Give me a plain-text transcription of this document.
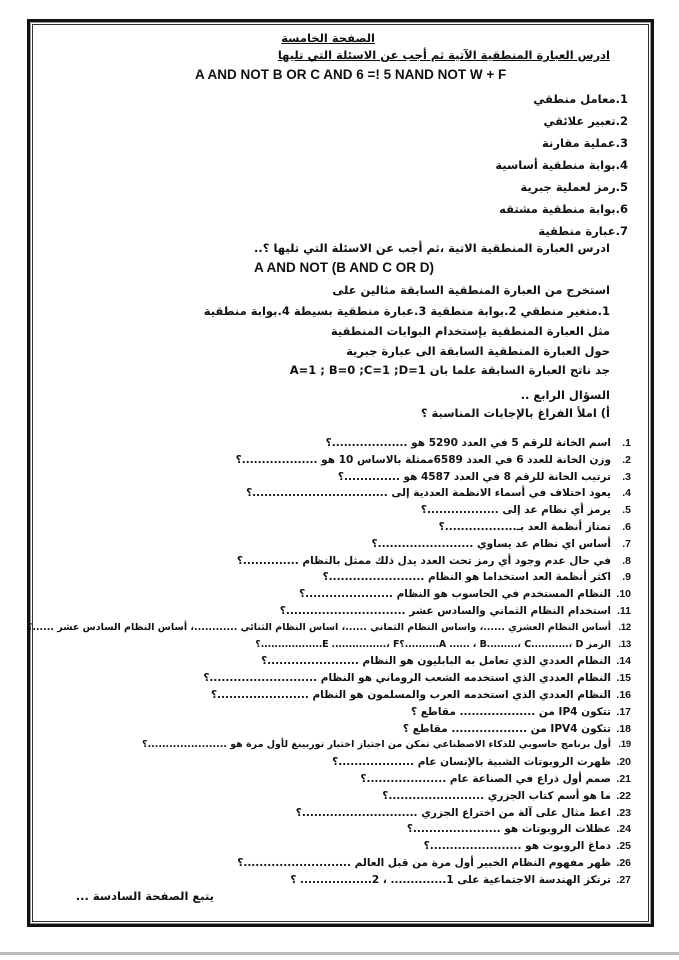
الصفحة الخامسة
ادرس العبارة المنطقية الآتية ثم أجب عن الاسئلة التي تليها
A AND NOT B OR C AND 6 =! 5 NAND NOT W + F
1.معامل منطقي
2.تعبير علائقي
3.عملية مقارنة
4.بوابة منطقية أساسية
5.رمز لعملية جبرية
6.بوابة منطقية مشتقه
7.عبارة منطقية
ادرس العبارة المنطقية الاتية ،ثم أجب عن الاسئلة التي تليها ؟..
A AND NOT (B AND C OR D)
استخرج من العبارة المنطقية السابقة مثالين على
1.متغير منطقي 2.بوابة منطقية 3.عبارة منطقية بسيطة 4.بوابة منطقية
مثل العبارة المنطقية بإستخدام البوابات المنطقية
حول العبارة المنطقية السابقة الى عبارة جبرية
جد ناتج العبارة السابقة علما بان A=1 ; B=0 ;C=1 ;D=1
السؤال الرابع ..
أ) املأ الفراغ بالإجابات المناسبة ؟
1.اسم الخانة للرقم 5 في العدد 5290 هو ...................؟
2.وزن الخانة للعدد 6 في العدد 6589ممثلة بالاساس 10 هو ...................؟
3.ترتيب الخانة للرقم 8 في العدد 4587 هو ..............؟
4.يعود اختلاف في أسماء الانظمة العددية إلى ..................................؟
5.يرمز أي نظام عد إلى ..................؟
6.تمتاز أنظمة العد بـ..................؟
7.أساس اي نظام عد يساوي ........................؟
8.في حال عدم وجود أي رمز تحت العدد يدل ذلك ممثل بالنظام ..............؟
9.اكثر أنظمة العد استخداما هو النظام ........................؟
10.النظام المستخدم في الحاسوب هو النظام ......................؟
11.استخدام النظام الثماني والسادس عشر ..............................؟
12.أساس النظام العشري ......، واساس النظام الثماني ......، اساس النظام الثنائي ............، أساس النظام السادس عشر ......؟
13.الرمز A ...... ، B.........، C...........، D..........؟E ................، F..................؟
14.النظام العددي الذي تعامل به البابليون هو النظام .......................؟
15.النظام العددي الذي استخدمه الشعب الروماني هو النظام ...........................؟
16.النظام العددي الذي استخدمه العرب والمسلمون هو النظام .......................؟
17.تتكون IP4 من ................... مقاطع ؟
18.تتكون IPV4 من ................... مقاطع ؟
19.أول برنامج حاسوبي للذكاء الاصطناعي تمكن من اجتياز اختبار توربينغ لأول مرة هو ......................؟
20.ظهرت الروبوتات الشبية بالإنسان عام ...................؟
21.صمم أول ذراع في الصناعة عام ....................؟
22.ما هو أسم كتاب الجزري ........................؟
23.اعط مثال على آلة من اختراع الجزري .............................؟
24.عظلات الروبوتات هو ......................؟
25.دماغ الروبوت هو .......................؟
26.ظهر مفهوم النظام الخبير أول مرة من قبل العالم ...........................؟
27.ترتكز الهندسة الاجتماعية على 1.............. ، 2.................. ؟
يتبع الصفحة السادسة ...
